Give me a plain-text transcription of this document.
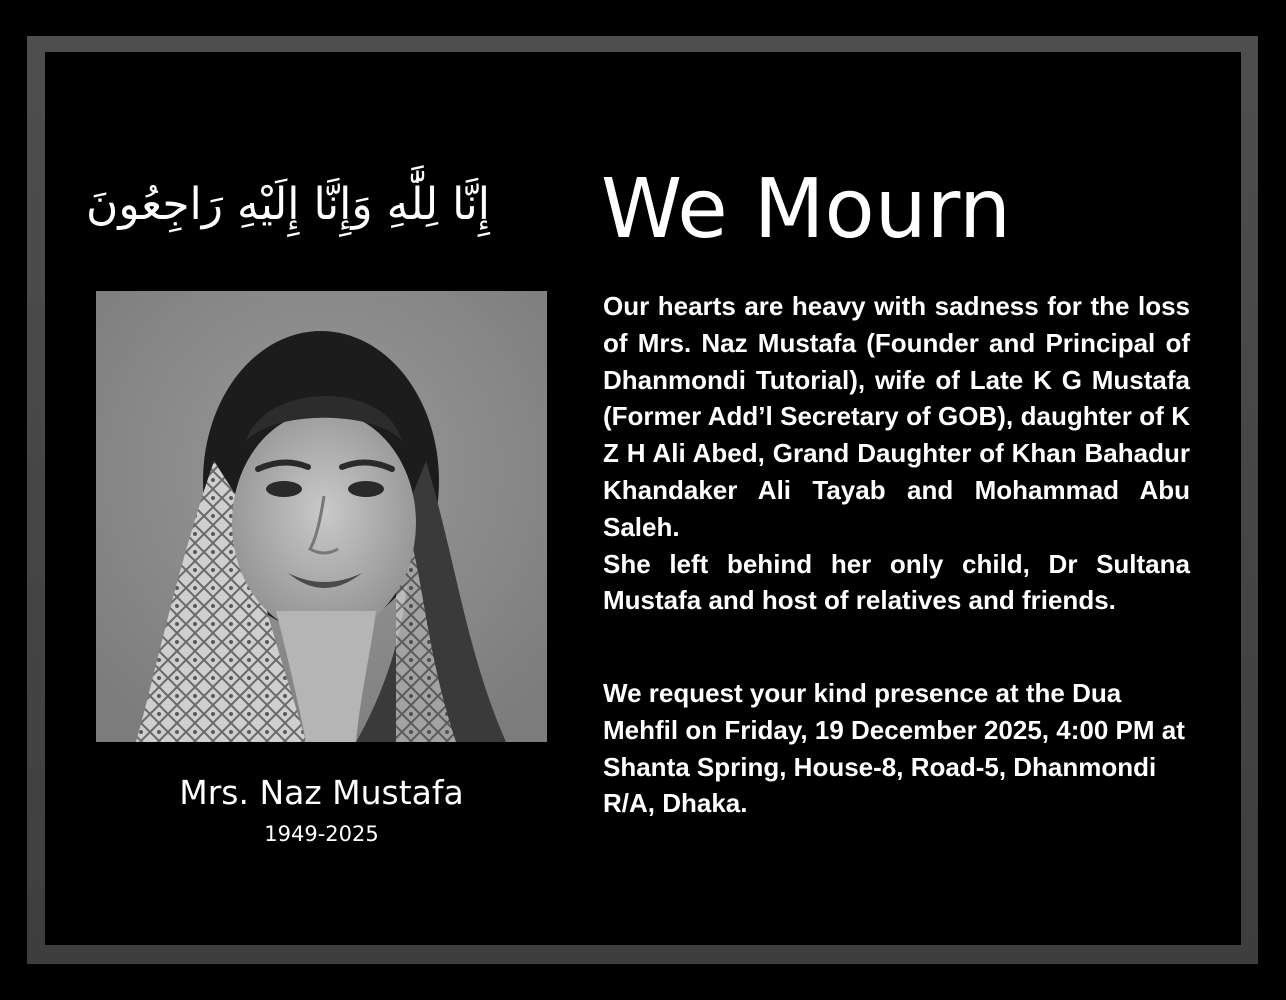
إِنَّا لِلَّٰهِ وَإِنَّا إِلَيْهِ رَاجِعُونَ
Mrs. Naz Mustafa
1949-2025
We Mourn
Our hearts are heavy with sadness for the loss of Mrs. Naz Mustafa (Founder and Principal of Dhanmondi Tutorial), wife of Late K G Mustafa (Former Add’l Secretary of GOB), daughter of K Z H Ali Abed, Grand Daughter of Khan Bahadur Khandaker Ali Tayab and Mohammad Abu Saleh.
She left behind her only child, Dr Sultana Mustafa and host of relatives and friends.
We request your kind presence at the Dua Mehfil on Friday, 19 December 2025, 4:00 PM at Shanta Spring, House-8, Road-5, Dhanmondi R/A, Dhaka.
